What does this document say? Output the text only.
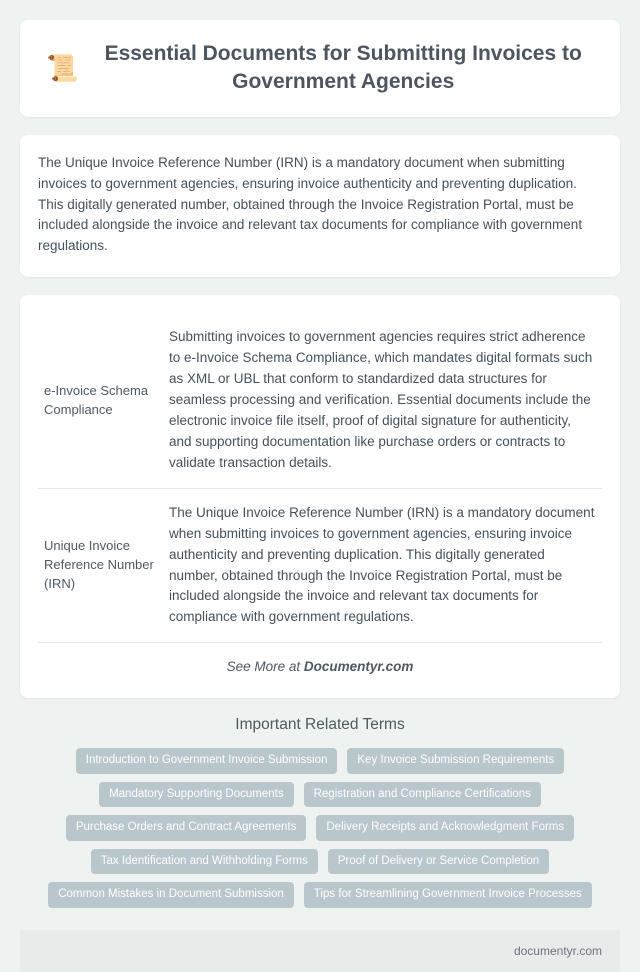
📜	Essential Documents for Submitting Invoices to Government Agencies
The Unique Invoice Reference Number (IRN) is a mandatory document when submitting invoices to government agencies, ensuring invoice authenticity and preventing duplication. This digitally generated number, obtained through the Invoice Registration Portal, must be included alongside the invoice and relevant tax documents for compliance with government regulations.
e-Invoice Schema Compliance	Submitting invoices to government agencies requires strict adherence to e-Invoice Schema Compliance, which mandates digital formats such as XML or UBL that conform to standardized data structures for seamless processing and verification. Essential documents include the electronic invoice file itself, proof of digital signature for authenticity, and supporting documentation like purchase orders or contracts to validate transaction details.
Unique Invoice Reference Number (IRN)	The Unique Invoice Reference Number (IRN) is a mandatory document when submitting invoices to government agencies, ensuring invoice authenticity and preventing duplication. This digitally generated number, obtained through the Invoice Registration Portal, must be included alongside the invoice and relevant tax documents for compliance with government regulations.
See More at Documentyr.com
Important Related Terms
Introduction to Government Invoice Submission	Key Invoice Submission Requirements
Mandatory Supporting Documents	Registration and Compliance Certifications
Purchase Orders and Contract Agreements	Delivery Receipts and Acknowledgment Forms
Tax Identification and Withholding Forms	Proof of Delivery or Service Completion
Common Mistakes in Document Submission	Tips for Streamlining Government Invoice Processes
documentyr.com
